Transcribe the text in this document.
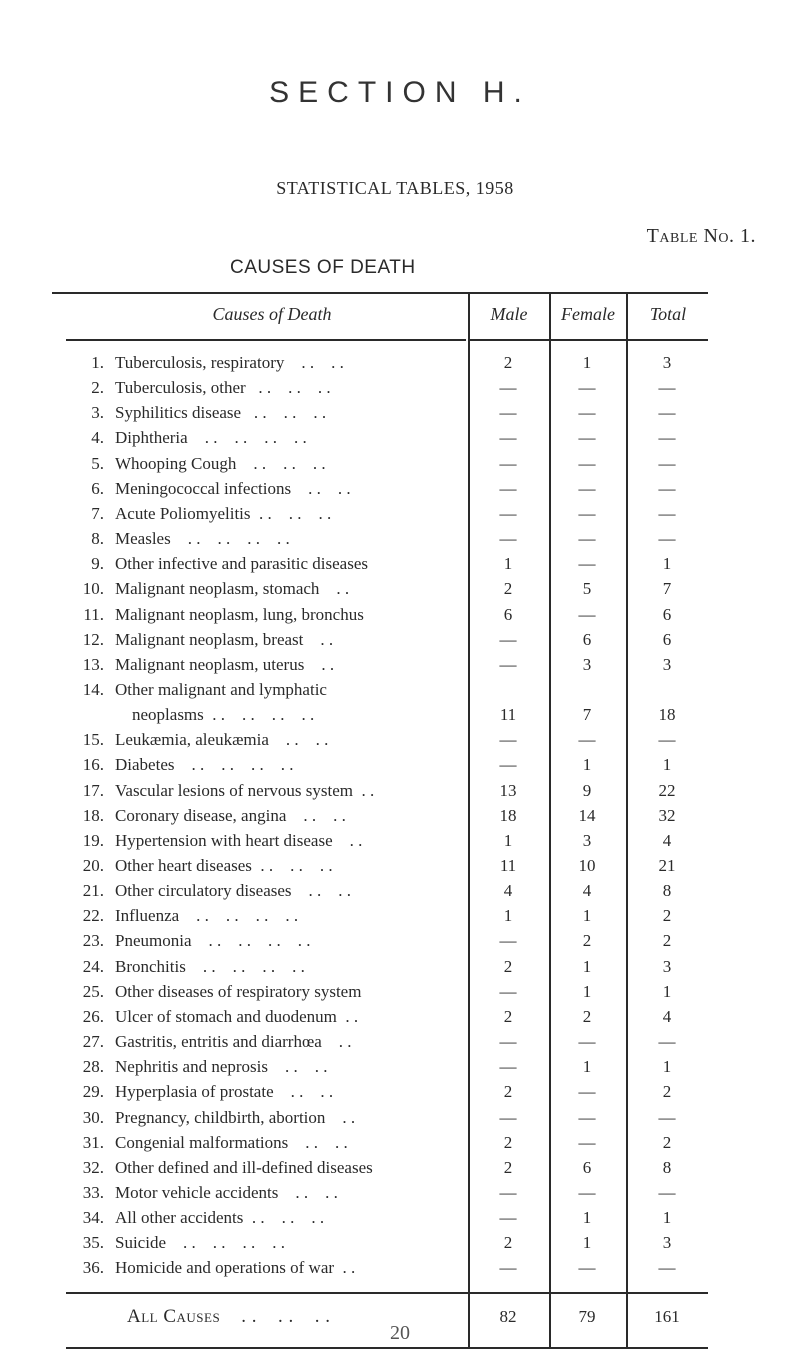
SECTION H.
STATISTICAL TABLES, 1958
Table No. 1.
CAUSES OF DEATH
Causes of Death	Male	Female	Total
All Causes    . .    . .    . .	82	79	161
1. Tuberculosis, respiratory    . .    . .	2	1	3
2. Tuberculosis, other   . .    . .    . .	—	—	—
3. Syphilitics disease   . .    . .    . .	—	—	—
4. Diphtheria    . .    . .    . .    . .	—	—	—
5. Whooping Cough    . .    . .    . .	—	—	—
6. Meningococcal infections    . .    . .	—	—	—
7. Acute Poliomyelitis  . .    . .    . .	—	—	—
8. Measles    . .    . .    . .    . .	—	—	—
9. Other infective and parasitic diseases	1	—	1
10. Malignant neoplasm, stomach    . .	2	5	7
11. Malignant neoplasm, lung, bronchus	6	—	6
12. Malignant neoplasm, breast    . .	—	6	6
13. Malignant neoplasm, uterus    . .	—	3	3
14. Other malignant and lymphatic
neoplasms  . .    . .    . .    . .	11	7	18
15. Leukæmia, aleukæmia    . .    . .	—	—	—
16. Diabetes    . .    . .    . .    . .	—	1	1
17. Vascular lesions of nervous system  . .	13	9	22
18. Coronary disease, angina    . .    . .	18	14	32
19. Hypertension with heart disease    . .	1	3	4
20. Other heart diseases  . .    . .    . .	11	10	21
21. Other circulatory diseases    . .    . .	4	4	8
22. Influenza    . .    . .    . .    . .	1	1	2
23. Pneumonia    . .    . .    . .    . .	—	2	2
24. Bronchitis    . .    . .    . .    . .	2	1	3
25. Other diseases of respiratory system	—	1	1
26. Ulcer of stomach and duodenum  . .	2	2	4
27. Gastritis, entritis and diarrhœa    . .	—	—	—
28. Nephritis and neprosis    . .    . .	—	1	1
29. Hyperplasia of prostate    . .    . .	2	—	2
30. Pregnancy, childbirth, abortion    . .	—	—	—
31. Congenial malformations    . .    . .	2	—	2
32. Other defined and ill-defined diseases	2	6	8
33. Motor vehicle accidents    . .    . .	—	—	—
34. All other accidents  . .    . .    . .	—	1	1
35. Suicide    . .    . .    . .    . .	2	1	3
36. Homicide and operations of war  . .	—	—	—
20
